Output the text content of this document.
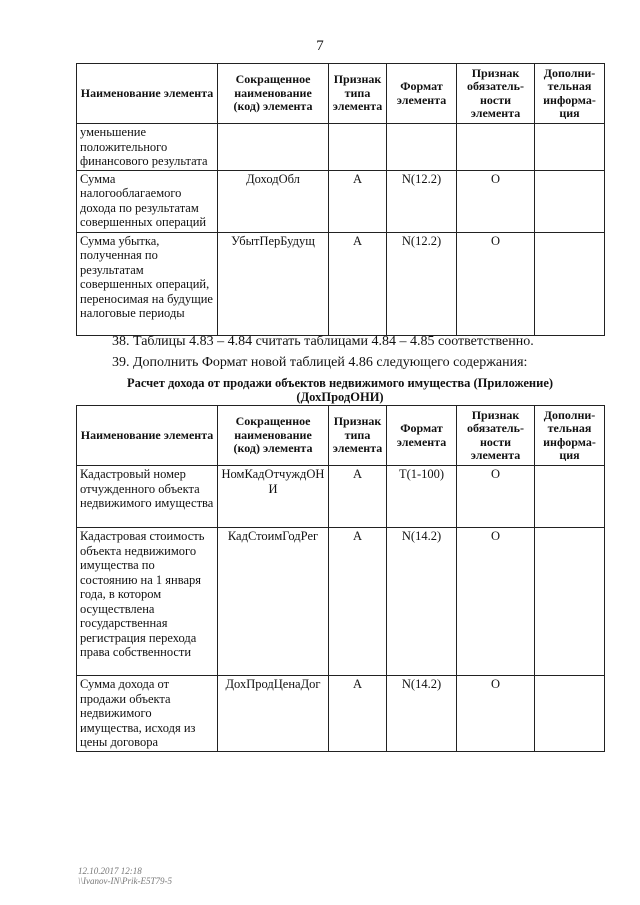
7
Наименование элемента	Сокращенное наименование (код) элемента	Признак типа элемента	Формат элемента	Признак обязатель-ности элемента	Дополни-тельная информа-ция
уменьшение положительного финансового результата					
Сумма налогооблагаемого дохода по результатам совершенных операций	ДоходОбл	А	N(12.2)	О	
Сумма убытка, полученная по результатам совершенных операций, переносимая на будущие налоговые периоды	УбытПерБудущ	А	N(12.2)	О	
38. Таблицы 4.83 – 4.84 считать таблицами 4.84 – 4.85 соответственно.
39. Дополнить Формат новой таблицей 4.86 следующего содержания:
Расчет дохода от продажи объектов недвижимого имущества (Приложение)
(ДохПродОНИ)
Наименование элемента	Сокращенное наименование (код) элемента	Признак типа элемента	Формат элемента	Признак обязатель-ности элемента	Дополни-тельная информа-ция
Кадастровый номер отчужденного объекта недвижимого имущества	НомКадОтчуждОНИ	А	Т(1-100)	О	
Кадастровая стоимость объекта недвижимого имущества по состоянию на 1 января года, в котором осуществлена государственная регистрация перехода права собственности	КадСтоимГодРег	А	N(14.2)	О	
Сумма дохода от продажи объекта недвижимого имущества, исходя из цены договора	ДохПродЦенаДог	А	N(14.2)	О	
12.10.2017 12:18
\\Ivanov-IN\Prik-E5T79-5
